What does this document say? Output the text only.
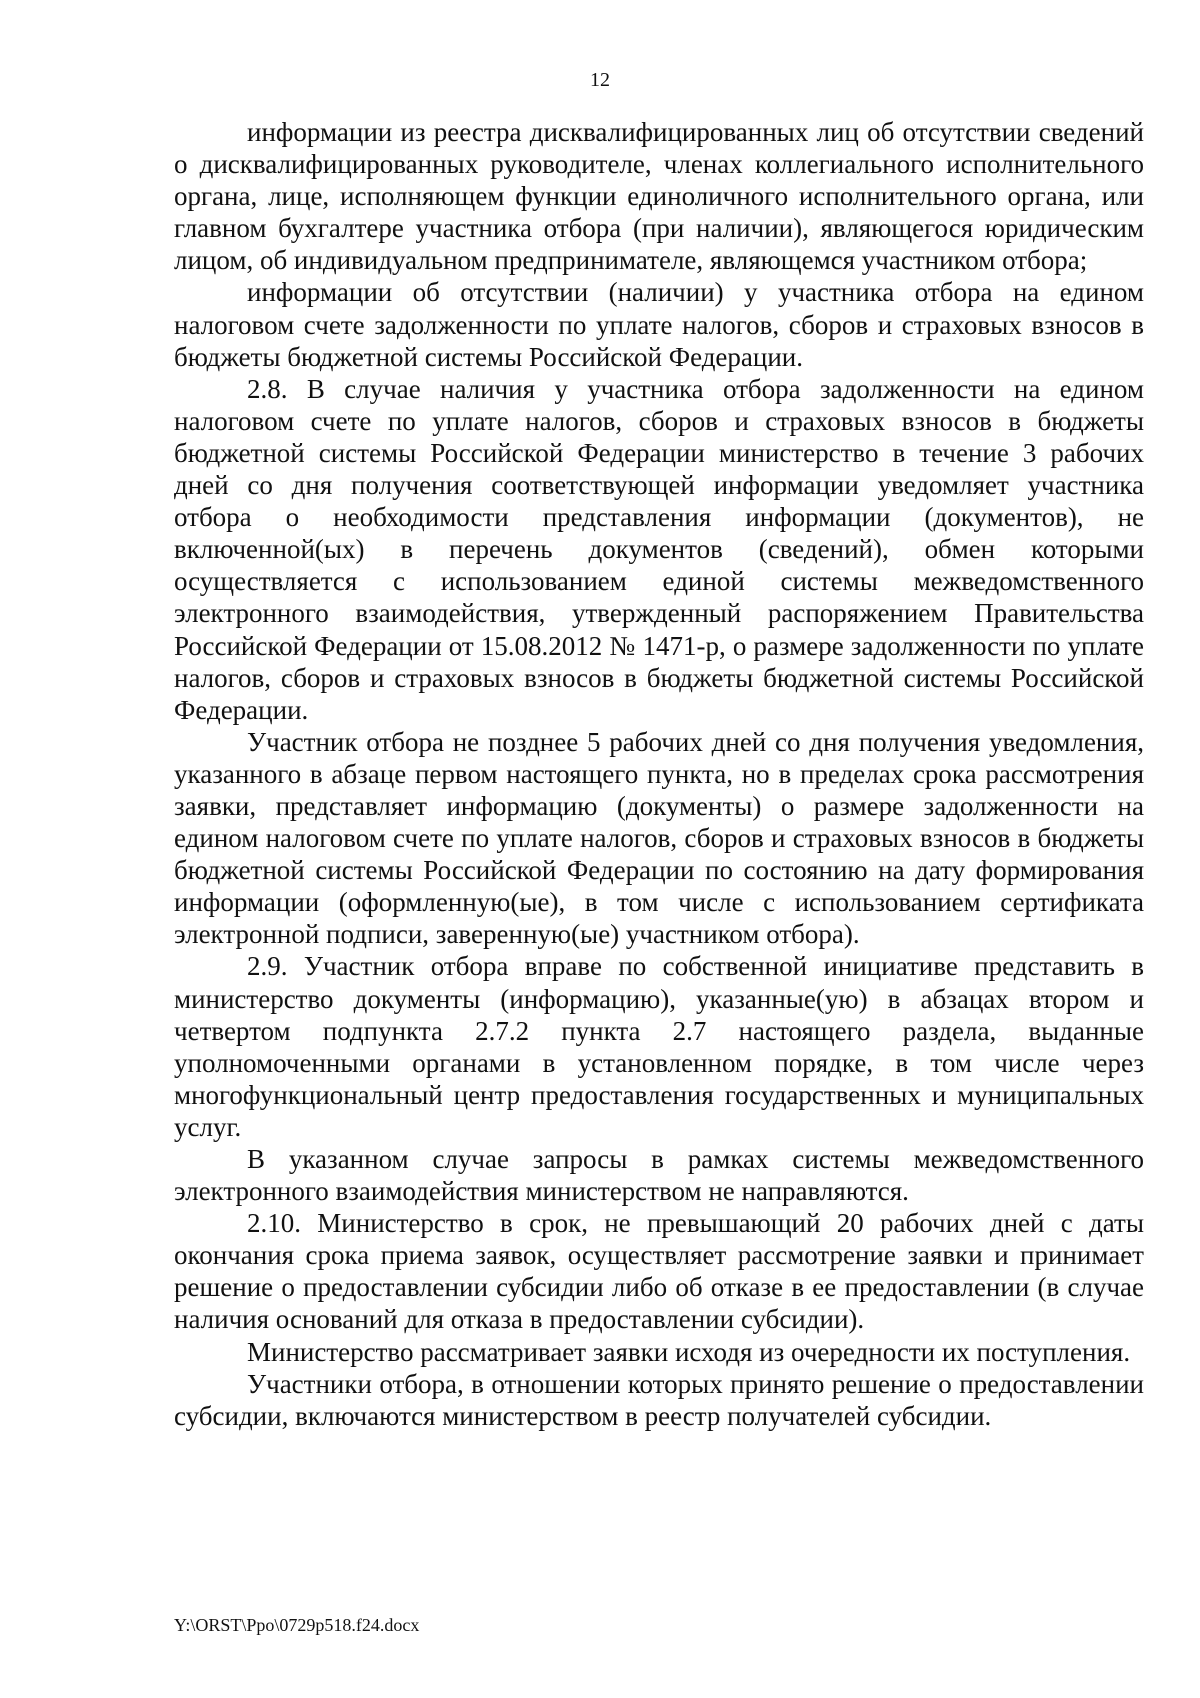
12

информации из реестра дисквалифицированных лиц об отсутствии сведений о дисквалифицированных руководителе, членах коллегиального исполнительного органа, лице, исполняющем функции единоличного исполнительного органа, или главном бухгалтере участника отбора (при наличии), являющегося юридическим лицом, об индивидуальном предпринимателе, являющемся участником отбора;

информации об отсутствии (наличии) у участника отбора на едином налоговом счете задолженности по уплате налогов, сборов и страховых взносов в бюджеты бюджетной системы Российской Федерации.

2.8. В случае наличия у участника отбора задолженности на едином налоговом счете по уплате налогов, сборов и страховых взносов в бюджеты бюджетной системы Российской Федерации министерство в течение 3 рабочих дней со дня получения соответствующей информации уведомляет участника отбора о необходимости представления информации (документов), не включенной(ых) в перечень документов (сведений), обмен которыми осуществляется с использованием единой системы межведомственного электронного взаимодействия, утвержденный распоряжением Правительства Российской Федерации от 15.08.2012 № 1471-р, о размере задолженности по уплате налогов, сборов и страховых взносов в бюджеты бюджетной системы Российской Федерации.

Участник отбора не позднее 5 рабочих дней со дня получения уведомления, указанного в абзаце первом настоящего пункта, но в пределах срока рассмотрения заявки, представляет информацию (документы) о размере задолженности на едином налоговом счете по уплате налогов, сборов и страховых взносов в бюджеты бюджетной системы Российской Федерации по состоянию на дату формирования информации (оформленную(ые), в том числе с использованием сертификата электронной подписи, заверенную(ые) участником отбора).

2.9. Участник отбора вправе по собственной инициативе представить в министерство документы (информацию), указанные(ую) в абзацах втором и четвертом подпункта 2.7.2 пункта 2.7 настоящего раздела, выданные уполномоченными органами в установленном порядке, в том числе через многофункциональный центр предоставления государственных и муниципальных услуг.

В указанном случае запросы в рамках системы межведомственного электронного взаимодействия министерством не направляются.

2.10. Министерство в срок, не превышающий 20 рабочих дней с даты окончания срока приема заявок, осуществляет рассмотрение заявки и принимает решение о предоставлении субсидии либо об отказе в ее предоставлении (в случае наличия оснований для отказа в предоставлении субсидии).

Министерство рассматривает заявки исходя из очередности их поступления.

Участники отбора, в отношении которых принято решение о предоставлении субсидии, включаются министерством в реестр получателей субсидии.

Y:\ORST\Ppo\0729p518.f24.docx
